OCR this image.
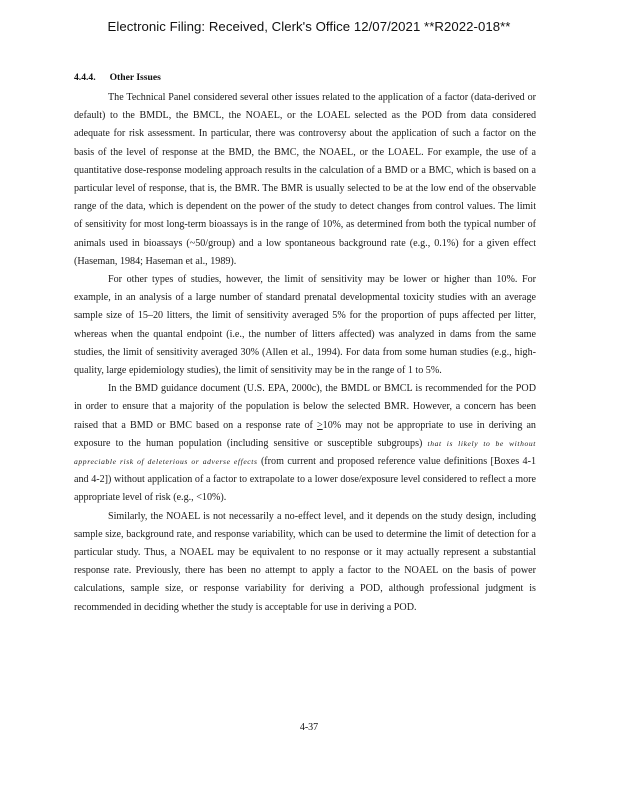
Electronic Filing: Received, Clerk's Office 12/07/2021 **R2022-018**
4.4.4. Other Issues

The Technical Panel considered several other issues related to the application of a factor (data-derived or default) to the BMDL, the BMCL, the NOAEL, or the LOAEL selected as the POD from data considered adequate for risk assessment. In particular, there was controversy about the application of such a factor on the basis of the level of response at the BMD, the BMC, the NOAEL, or the LOAEL. For example, the use of a quantitative dose-response modeling approach results in the calculation of a BMD or a BMC, which is based on a particular level of response, that is, the BMR. The BMR is usually selected to be at the low end of the observable range of the data, which is dependent on the power of the study to detect changes from control values. The limit of sensitivity for most long-term bioassays is in the range of 10%, as determined from both the typical number of animals used in bioassays (~50/group) and a low spontaneous background rate (e.g., 0.1%) for a given effect (Haseman, 1984; Haseman et al., 1989).

For other types of studies, however, the limit of sensitivity may be lower or higher than 10%. For example, in an analysis of a large number of standard prenatal developmental toxicity studies with an average sample size of 15–20 litters, the limit of sensitivity averaged 5% for the proportion of pups affected per litter, whereas when the quantal endpoint (i.e., the number of litters affected) was analyzed in dams from the same studies, the limit of sensitivity averaged 30% (Allen et al., 1994). For data from some human studies (e.g., high-quality, large epidemiology studies), the limit of sensitivity may be in the range of 1 to 5%.

In the BMD guidance document (U.S. EPA, 2000c), the BMDL or BMCL is recommended for the POD in order to ensure that a majority of the population is below the selected BMR. However, a concern has been raised that a BMD or BMC based on a response rate of ≥10% may not be appropriate to use in deriving an exposure to the human population (including sensitive or susceptible subgroups) that is likely to be without appreciable risk of deleterious or adverse effects (from current and proposed reference value definitions [Boxes 4-1 and 4-2]) without application of a factor to extrapolate to a lower dose/exposure level considered to reflect a more appropriate level of risk (e.g., <10%).

Similarly, the NOAEL is not necessarily a no-effect level, and it depends on the study design, including sample size, background rate, and response variability, which can be used to determine the limit of detection for a particular study. Thus, a NOAEL may be equivalent to no response or it may actually represent a substantial response rate. Previously, there has been no attempt to apply a factor to the NOAEL on the basis of power calculations, sample size, or response variability for deriving a POD, although professional judgment is recommended in deciding whether the study is acceptable for use in deriving a POD.

4-37
